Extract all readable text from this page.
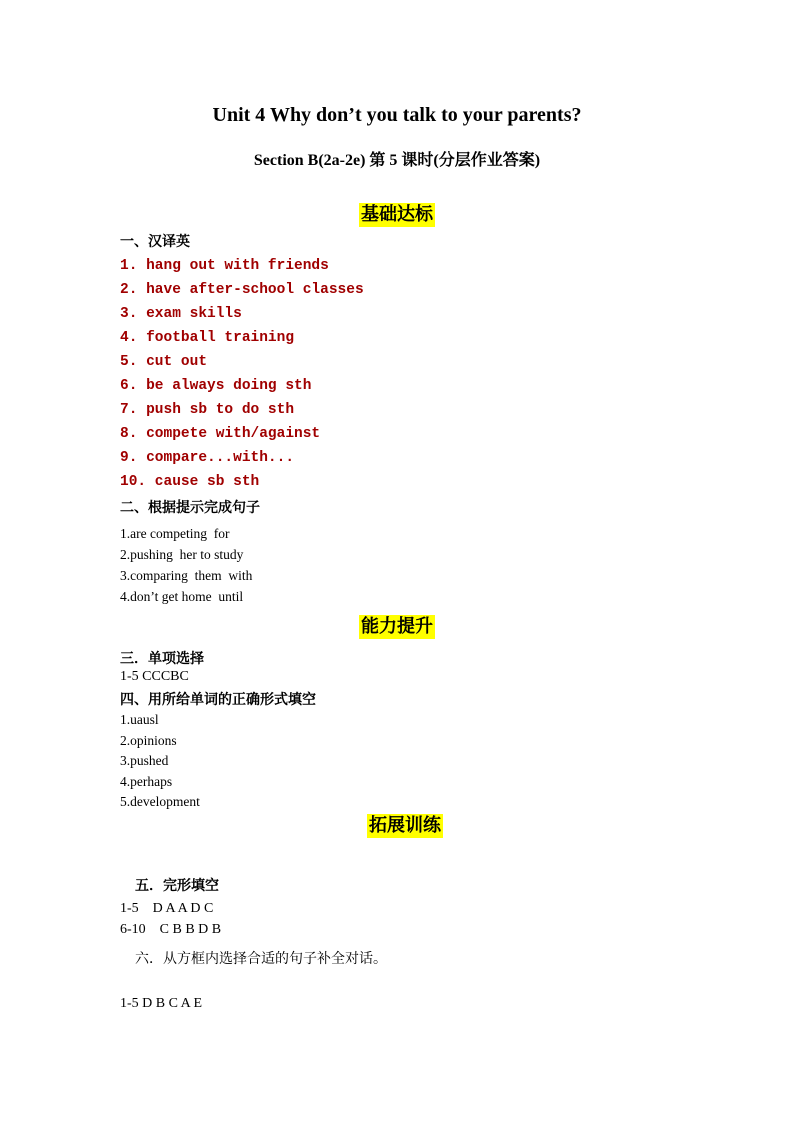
Unit 4 Why don’t you talk to your parents?
Section B(2a-2e) 第 5 课时(分层作业答案)
基础达标
一、汉译英
1. hang out with friends
2. have after-school classes
3. exam skills
4. football training
5. cut out
6. be always doing sth
7. push sb to do sth
8. compete with/against
9. compare...with...
10. cause sb sth
二、根据提示完成句子
1.are competing  for
2.pushing  her to study
3.comparing  them  with
4.don’t get home  until
能力提升
三．单项选择
1-5 CCCBC
四、用所给单词的正确形式填空
1.uausl
2.opinions
3.pushed
4.perhaps
5.development
拓展训练
五．完形填空
1-5    D A A D C
6-10    C B B D B
六．从方框内选择合适的句子补全对话。
1-5 D B C A E
